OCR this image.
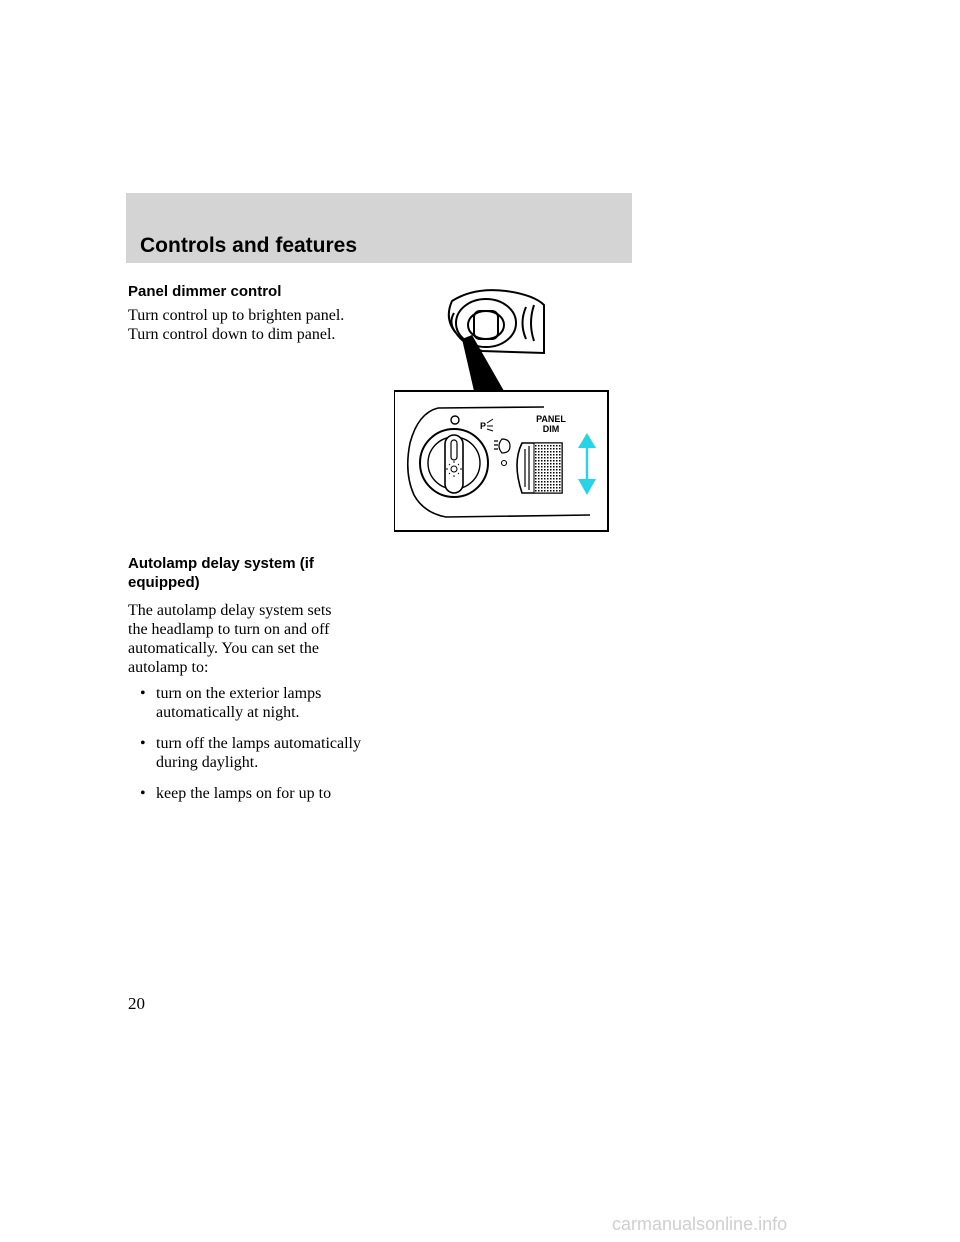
Controls and features
Panel dimmer control
Turn control up to brighten panel.
Turn control down to dim panel.
P
PANEL
DIM
Autolamp delay system (if
equipped)
The autolamp delay system sets
the headlamp to turn on and off
automatically. You can set the
autolamp to:
• turn on the exterior lamps
automatically at night.
• turn off the lamps automatically
during daylight.
• keep the lamps on for up to

20

carmanualsonline.info
